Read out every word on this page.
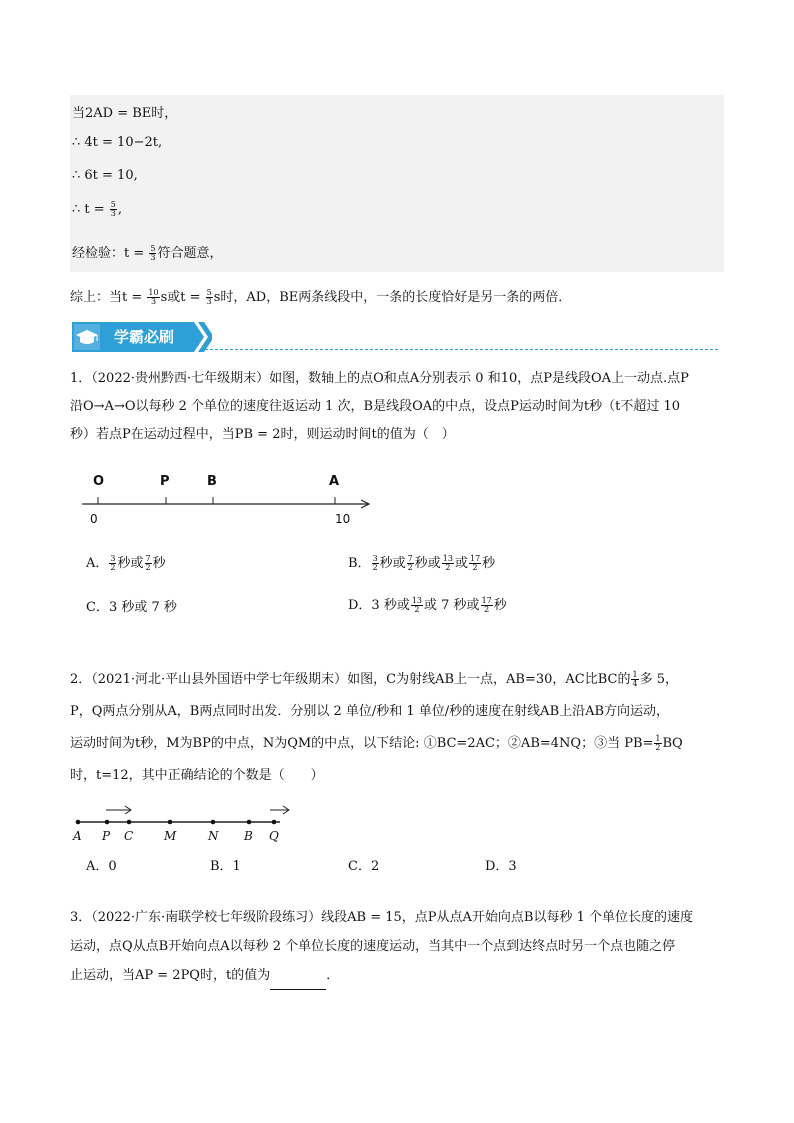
当2AD = BE时，
∴ 4t = 10−2t,
∴ 6t = 10,
∴ $t = \frac{5}{3}$ ,
经检验：$t = \frac{5}{3}$ 符合题意，
综上：当$t = \frac{10}{3}$ s或$t = \frac{5}{3}$ s时，AD，BE两条线段中，一条的长度恰好是另一条的两倍．
学霸必刷
1．（2022·贵州黔西·七年级期末）如图，数轴上的点O和点A分别表示 0 和10，点P是线段OA上一动点.点P
沿O→A→O以每秒 2 个单位的速度往返运动 1 次，B是线段OA的中点，设点P运动时间为t秒（t不超过 10
秒）若点P在运动过程中，当PB = 2时，则运动时间t的值为（　）
O	P	B	A
0	10
A． $\frac{3}{2}$ 秒或 $\frac{7}{2}$ 秒	B． $\frac{3}{2}$ 秒或 $\frac{7}{2}$ 秒或 $\frac{13}{2}$ 或 $\frac{17}{2}$ 秒
C．3 秒或 7 秒	D．3 秒或 $\frac{13}{2}$ 或 7 秒或 $\frac{17}{2}$ 秒
2．（2021·河北·平山县外国语中学七年级期末）如图，C为射线AB上一点，AB=30，AC比BC的 $\frac{1}{4}$ 多 5，
P，Q两点分别从A，B两点同时出发．分别以 2 单位/秒和 1 单位/秒的速度在射线AB上沿AB方向运动，
运动时间为t秒，M为BP的中点，N为QM的中点，以下结论: ①BC=2AC；②AB=4NQ；③当 $PB= \frac{1}{2}$ BQ
时，t=12，其中正确结论的个数是（　　）
A P C	M	N B Q
A．0	B．1	C．2	D．3
3．（2022·广东·南联学校七年级阶段练习）线段AB = 15，点P从点A开始向点B以每秒 1 个单位长度的速度
运动，点Q从点B开始向点A以每秒 2 个单位长度的速度运动，当其中一个点到达终点时另一个点也随之停
止运动，当AP = 2PQ时，t的值为	．
